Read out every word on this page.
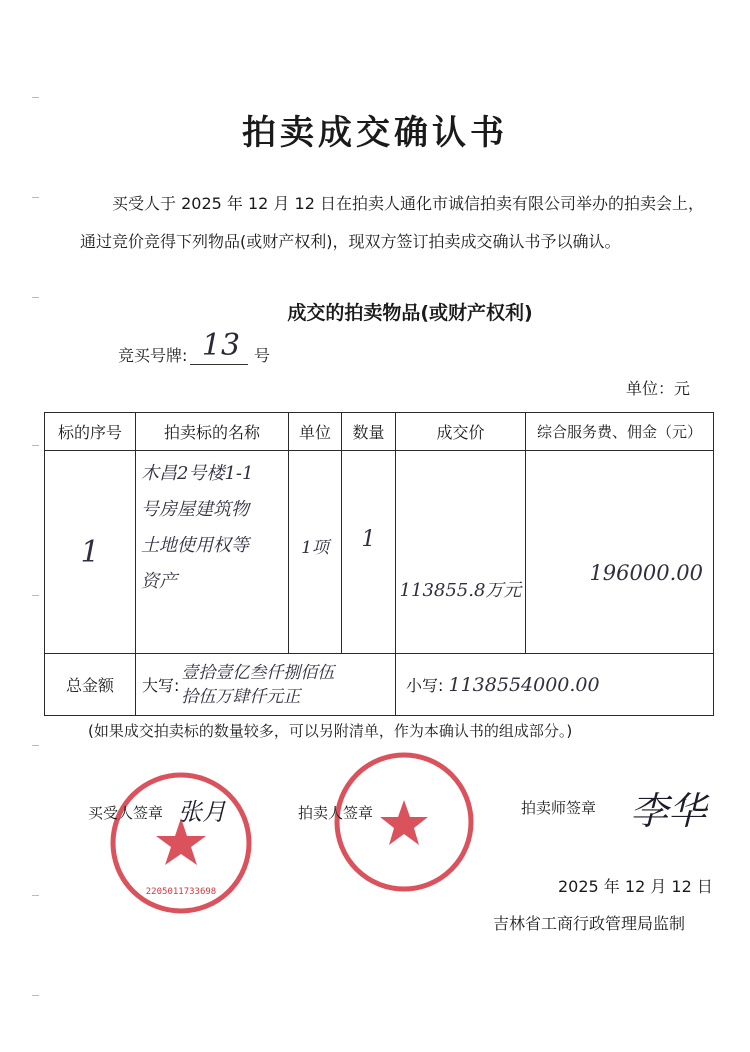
拍卖成交确认书
买受人于 2025 年 12 月 12 日在拍卖人通化市诚信拍卖有限公司举办的拍卖会上，通过竞价竞得下列物品(或财产权利)，现双方签订拍卖成交确认书予以确认。
成交的拍卖物品(或财产权利)
竞买号牌: 13 号
单位：元
标的序号	拍卖标的名称	单位	数量	成交价	综合服务费、佣金（元）
1	木昌2号楼1-1
号房屋建筑物
土地使用权等
资产	1项	1	113855.8万元	196000.00
总金额	大写:
壹拾壹亿叁仟捌佰伍
拾伍万肆仟元正			小写: 1138554000.00	
(如果成交拍卖标的数量较多，可以另附清单，作为本确认书的组成部分。)
2205011733698
买受人签章 张月	拍卖人签章	拍卖师签章 李华
2025 年 12 月 12 日
吉林省工商行政管理局监制
